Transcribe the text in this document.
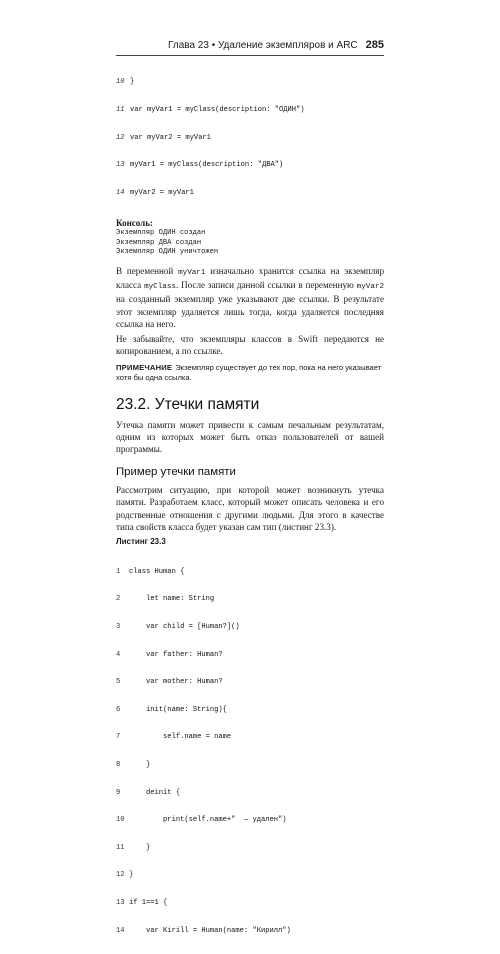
Глава 23 • Удаление экземпляров и ARC 285

10 }

11 var myVar1 = myClass(description: "ОДИН")

12 var myVar2 = myVar1

13 myVar1 = myClass(description: "ДВА")

14 myVar2 = myVar1

Консоль:
Экземпляр ОДИН создан
Экземпляр ДВА создан
Экземпляр ОДИН уничтожен

В переменной myVar1 изначально хранится ссылка на экземпляр класса myClass. После записи данной ссылки в переменную myVar2 на созданный экземпляр уже указывают две ссылки. В результате этот экземпляр удаляется лишь тогда, когда удаляется последняя ссылка на него.

Не забывайте, что экземпляры классов в Swift передаются не копированием, а по ссылке.

ПРИМЕЧАНИЕ Экземпляр существует до тех пор, пока на него указывает хотя бы одна ссылка.
23.2. Утечки памяти

Утечка памяти может привести к самым печальным результатам, одним из которых может быть отказ пользователей от вашей программы.

Пример утечки памяти

Рассмотрим ситуацию, при которой может возникнуть утечка памяти. Разработаем класс, который может описать человека и его родственные отношения с другими людьми. Для этого в качестве типа свойств класса будет указан сам тип (листинг 23.3).

Листинг 23.3

1	class Human {

2	let name: String

3	var child = [Human?]()

4	var father: Human?

5	var mother: Human?

6	init(name: String){

7	self.name = name

8	}

9	deinit {

10 print(self.name+"  — удален")

11 }

12 }

13 if 1==1 {

14 var Kirill = Human(name: "Кирилл")
